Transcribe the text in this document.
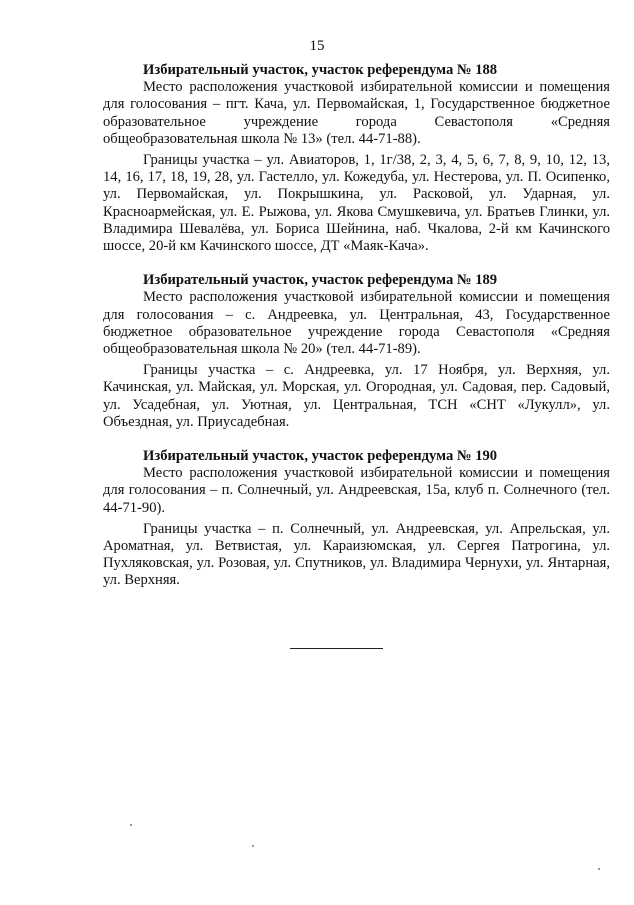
15
Избирательный участок, участок референдума № 188

Место расположения участковой избирательной комиссии и помещения для голосования – пгт. Кача, ул. Первомайская, 1, Государственное бюджетное образовательное учреждение города Севастополя «Средняя общеобразовательная школа № 13» (тел. 44-71-88).

Границы участка – ул. Авиаторов, 1, 1г/38, 2, 3, 4, 5, 6, 7, 8, 9, 10, 12, 13, 14, 16, 17, 18, 19, 28, ул. Гастелло, ул. Кожедуба, ул. Нестерова, ул. П. Осипенко, ул. Первомайская, ул. Покрышкина, ул. Расковой, ул. Ударная, ул. Красноармейская, ул. Е. Рыжова, ул. Якова Смушкевича, ул. Братьев Глинки, ул. Владимира Шевалёва, ул. Бориса Шейнина, наб. Чкалова, 2-й км Качинского шоссе, 20-й км Качинского шоссе, ДТ «Маяк-Кача».

Избирательный участок, участок референдума № 189

Место расположения участковой избирательной комиссии и помещения для голосования – с. Андреевка, ул. Центральная, 43, Государственное бюджетное образовательное учреждение города Севастополя «Средняя общеобразовательная школа № 20» (тел. 44-71-89).

Границы участка – с. Андреевка, ул. 17 Ноября, ул. Верхняя, ул. Качинская, ул. Майская, ул. Морская, ул. Огородная, ул. Садовая, пер. Садовый, ул. Усадебная, ул. Уютная, ул. Центральная, ТСН «СНТ «Лукулл», ул. Объездная, ул. Приусадебная.

Избирательный участок, участок референдума № 190

Место расположения участковой избирательной комиссии и помещения для голосования – п. Солнечный, ул. Андреевская, 15а, клуб п. Солнечного (тел. 44-71-90).

Границы участка – п. Солнечный, ул. Андреевская, ул. Апрельская, ул. Ароматная, ул. Ветвистая, ул. Караизюмская, ул. Сергея Патрогина, ул. Пухляковская, ул. Розовая, ул. Спутников, ул. Владимира Чернухи, ул. Янтарная, ул. Верхняя.
